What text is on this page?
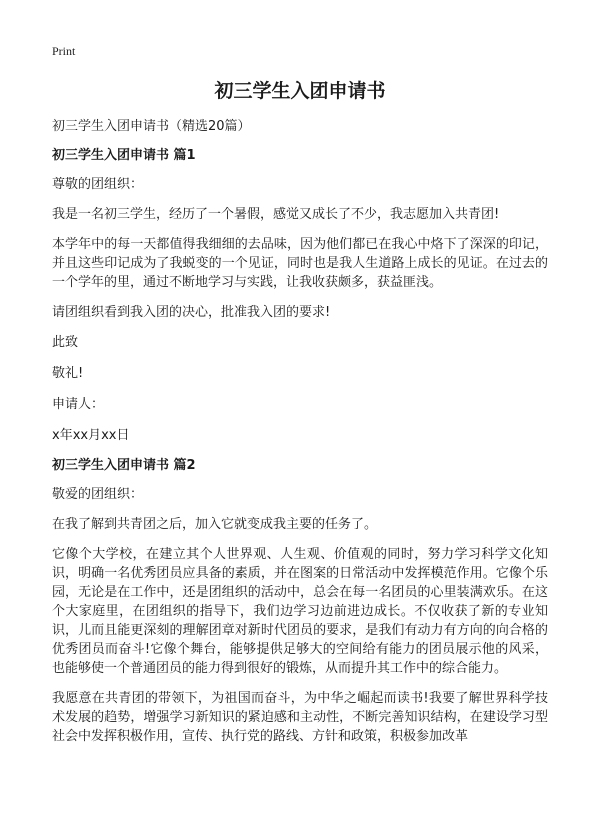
Print
初三学生入团申请书
初三学生入团申请书（精选20篇）
初三学生入团申请书 篇1
尊敬的团组织：
我是一名初三学生，经历了一个暑假，感觉又成长了不少，我志愿加入共青团!
本学年中的每一天都值得我细细的去品味，因为他们都已在我心中烙下了深深的印记，并且这些印记成为了我蜕变的一个见证，同时也是我人生道路上成长的见证。在过去的一个学年的里，通过不断地学习与实践，让我收获颇多，获益匪浅。
请团组织看到我入团的决心，批准我入团的要求!
此致
敬礼!
申请人：
x年xx月xx日
初三学生入团申请书 篇2
敬爱的团组织：
在我了解到共青团之后，加入它就变成我主要的任务了。
它像个大学校，在建立其个人世界观、人生观、价值观的同时，努力学习科学文化知识，明确一名优秀团员应具备的素质，并在图案的日常活动中发挥模范作用。它像个乐园，无论是在工作中，还是团组织的活动中，总会在每一名团员的心里装满欢乐。在这个大家庭里，在团组织的指导下，我们边学习边前进边成长。不仅收获了新的专业知识，儿而且能更深刻的理解团章对新时代团员的要求，是我们有动力有方向的向合格的优秀团员而奋斗!它像个舞台，能够提供足够大的空间给有能力的团员展示他的风采，也能够使一个普通团员的能力得到很好的锻炼，从而提升其工作中的综合能力。
我愿意在共青团的带领下，为祖国而奋斗，为中华之崛起而读书!我要了解世界科学技术发展的趋势，增强学习新知识的紧迫感和主动性，不断完善知识结构，在建设学习型社会中发挥积极作用，宣传、执行党的路线、方针和政策，积极参加改革
